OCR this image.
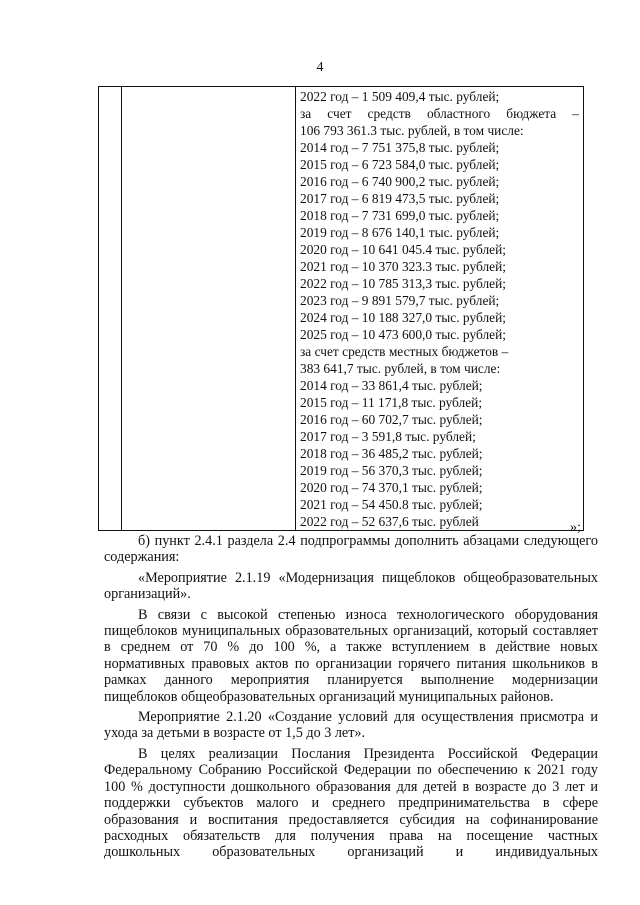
4

2022 год – 1 509 409,4 тыс. рублей;
за счет средств областного бюджета –
106 793 361.3 тыс. рублей, в том числе:
2014 год – 7 751 375,8 тыс. рублей;
2015 год – 6 723 584,0 тыс. рублей;
2016 год – 6 740 900,2 тыс. рублей;
2017 год – 6 819 473,5 тыс. рублей;
2018 год – 7 731 699,0 тыс. рублей;
2019 год – 8 676 140,1 тыс. рублей;
2020 год – 10 641 045.4 тыс. рублей;
2021 год – 10 370 323.3 тыс. рублей;
2022 год – 10 785 313,3 тыс. рублей;
2023 год – 9 891 579,7 тыс. рублей;
2024 год – 10 188 327,0 тыс. рублей;
2025 год – 10 473 600,0 тыс. рублей;
за счет средств местных бюджетов –
383 641,7 тыс. рублей, в том числе:
2014 год – 33 861,4 тыс. рублей;
2015 год – 11 171,8 тыс. рублей;
2016 год – 60 702,7 тыс. рублей;
2017 год – 3 591,8 тыс. рублей;
2018 год – 36 485,2 тыс. рублей;
2019 год – 56 370,3 тыс. рублей;
2020 год – 74 370,1 тыс. рублей;
2021 год – 54 450.8 тыс. рублей;
2022 год – 52 637,6 тыс. рублей	»;

б) пункт 2.4.1 раздела 2.4 подпрограммы дополнить абзацами следующего содержания:

«Мероприятие 2.1.19 «Модернизация пищеблоков общеобразовательных организаций».

В связи с высокой степенью износа технологического оборудования пищеблоков муниципальных образовательных организаций, который составляет в среднем от 70 % до 100 %, а также вступлением в действие новых нормативных правовых актов по организации горячего питания школьников в рамках данного мероприятия планируется выполнение модернизации пищеблоков общеобразовательных организаций муниципальных районов.

Мероприятие 2.1.20 «Создание условий для осуществления присмотра и ухода за детьми в возрасте от 1,5 до 3 лет».

В целях реализации Послания Президента Российской Федерации Федеральному Собранию Российской Федерации по обеспечению к 2021 году 100 % доступности дошкольного образования для детей в возрасте до 3 лет и поддержки субъектов малого и среднего предпринимательства в сфере образования и воспитания предоставляется субсидия на софинанирование расходных обязательств для получения права на посещение частных дошкольных образовательных организаций и индивидуальных
